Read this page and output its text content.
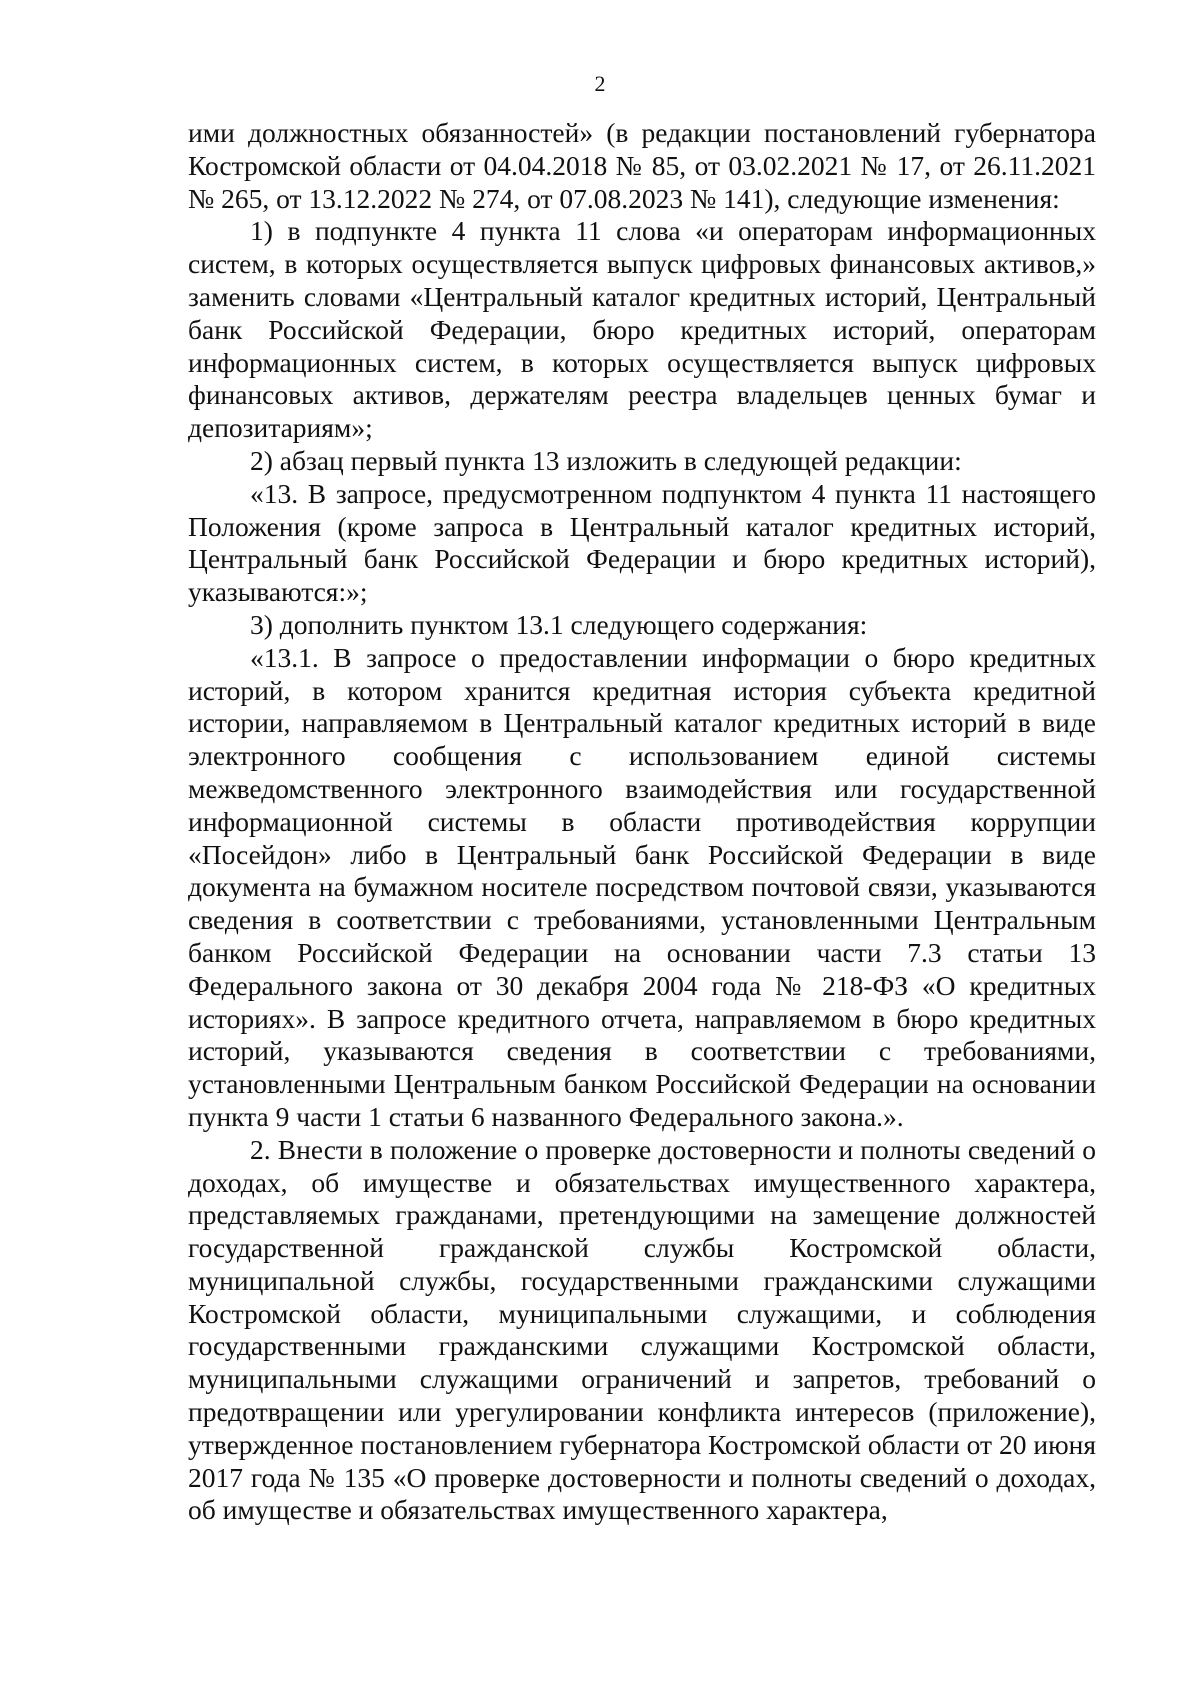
2

ими должностных обязанностей» (в редакции постановлений губернатора Костромской области от 04.04.2018 № 85, от 03.02.2021 № 17, от 26.11.2021 № 265, от 13.12.2022 № 274, от 07.08.2023 № 141), следующие изменения:

1) в подпункте 4 пункта 11 слова «и операторам информационных систем, в которых осуществляется выпуск цифровых финансовых активов,» заменить словами «Центральный каталог кредитных историй, Центральный банк Российской Федерации, бюро кредитных историй, операторам информационных систем, в которых осуществляется выпуск цифровых финансовых активов, держателям реестра владельцев ценных бумаг и депозитариям»;

2) абзац первый пункта 13 изложить в следующей редакции:

«13. В запросе, предусмотренном подпунктом 4 пункта 11 настоящего Положения (кроме запроса в Центральный каталог кредитных историй, Центральный банк Российской Федерации и бюро кредитных историй), указываются:»;

3) дополнить пунктом 13.1 следующего содержания:

«13.1. В запросе о предоставлении информации о бюро кредитных историй, в котором хранится кредитная история субъекта кредитной истории, направляемом в Центральный каталог кредитных историй в виде электронного сообщения с использованием единой системы межведомственного электронного взаимодействия или государственной информационной системы в области противодействия коррупции «Посейдон» либо в Центральный банк Российской Федерации в виде документа на бумажном носителе посредством почтовой связи, указываются сведения в соответствии с требованиями, установленными Центральным банком Российской Федерации на основании части 7.3 статьи 13 Федерального закона от 30 декабря 2004 года № 218-ФЗ «О кредитных историях». В запросе кредитного отчета, направляемом в бюро кредитных историй, указываются сведения в соответствии с требованиями, установленными Центральным банком Российской Федерации на основании пункта 9 части 1 статьи 6 названного Федерального закона.».

2. Внести в положение о проверке достоверности и полноты сведений о доходах, об имуществе и обязательствах имущественного характера, представляемых гражданами, претендующими на замещение должностей государственной гражданской службы Костромской области, муниципальной службы, государственными гражданскими служащими Костромской области, муниципальными служащими, и соблюдения государственными гражданскими служащими Костромской области, муниципальными служащими ограничений и запретов, требований о предотвращении или урегулировании конфликта интересов (приложение), утвержденное постановлением губернатора Костромской области от 20 июня 2017 года № 135 «О проверке достоверности и полноты сведений о доходах, об имуществе и обязательствах имущественного характера,
